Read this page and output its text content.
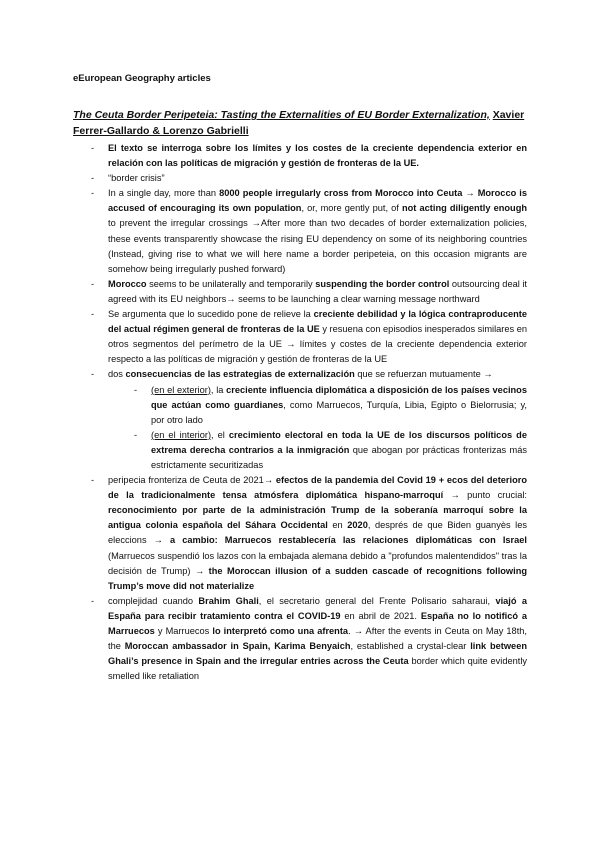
eEuropean Geography articles
The Ceuta Border Peripeteia: Tasting the Externalities of EU Border Externalization, Xavier
Ferrer-Gallardo & Lorenzo Gabrielli
- El texto se interroga sobre los límites y los costes de la creciente dependencia exterior en relación con las políticas de migración y gestión de fronteras de la UE.
- “border crisis”
- In a single day, more than 8000 people irregularly cross from Morocco into Ceuta → Morocco is accused of encouraging its own population, or, more gently put, of not acting diligently enough to prevent the irregular crossings →After more than two decades of border externalization policies, these events transparently showcase the rising EU dependency on some of its neighboring countries (Instead, giving rise to what we will here name a border peripeteia, on this occasion migrants are somehow being irregularly pushed forward)
- Morocco seems to be unilaterally and temporarily suspending the border control outsourcing deal it agreed with its EU neighbors→ seems to be launching a clear warning message northward
- Se argumenta que lo sucedido pone de relieve la creciente debilidad y la lógica contraproducente del actual régimen general de fronteras de la UE y resuena con episodios inesperados similares en otros segmentos del perímetro de la UE → límites y costes de la creciente dependencia exterior respecto a las políticas de migración y gestión de fronteras de la UE
- dos consecuencias de las estrategias de externalización que se refuerzan mutuamente →
- (en el exterior), la creciente influencia diplomática a disposición de los países vecinos que actúan como guardianes, como Marruecos, Turquía, Libia, Egipto o Bielorrusia; y, por otro lado
- (en el interior), el crecimiento electoral en toda la UE de los discursos políticos de extrema derecha contrarios a la inmigración que abogan por prácticas fronterizas más estrictamente securitizadas
- peripecia fronteriza de Ceuta de 2021→ efectos de la pandemia del Covid 19 + ecos del deterioro de la tradicionalmente tensa atmósfera diplomática hispano-marroquí → punto crucial: reconocimiento por parte de la administración Trump de la soberanía marroquí sobre la antigua colonia española del Sáhara Occidental en 2020, després de que Biden guanyès les eleccions → a cambio: Marruecos restablecería las relaciones diplomáticas con Israel (Marruecos suspendió los lazos con la embajada alemana debido a "profundos malentendidos" tras la decisión de Trump) → the Moroccan illusion of a sudden cascade of recognitions following Trump’s move did not materialize
- complejidad cuando Brahim Ghali, el secretario general del Frente Polisario saharaui, viajó a España para recibir tratamiento contra el COVID-19 en abril de 2021. España no lo notificó a Marruecos y Marruecos lo interpretó como una afrenta. → After the events in Ceuta on May 18th, the Moroccan ambassador in Spain, Karima Benyaich, established a crystal-clear link between Ghali’s presence in Spain and the irregular entries across the Ceuta border which quite evidently smelled like retaliation
